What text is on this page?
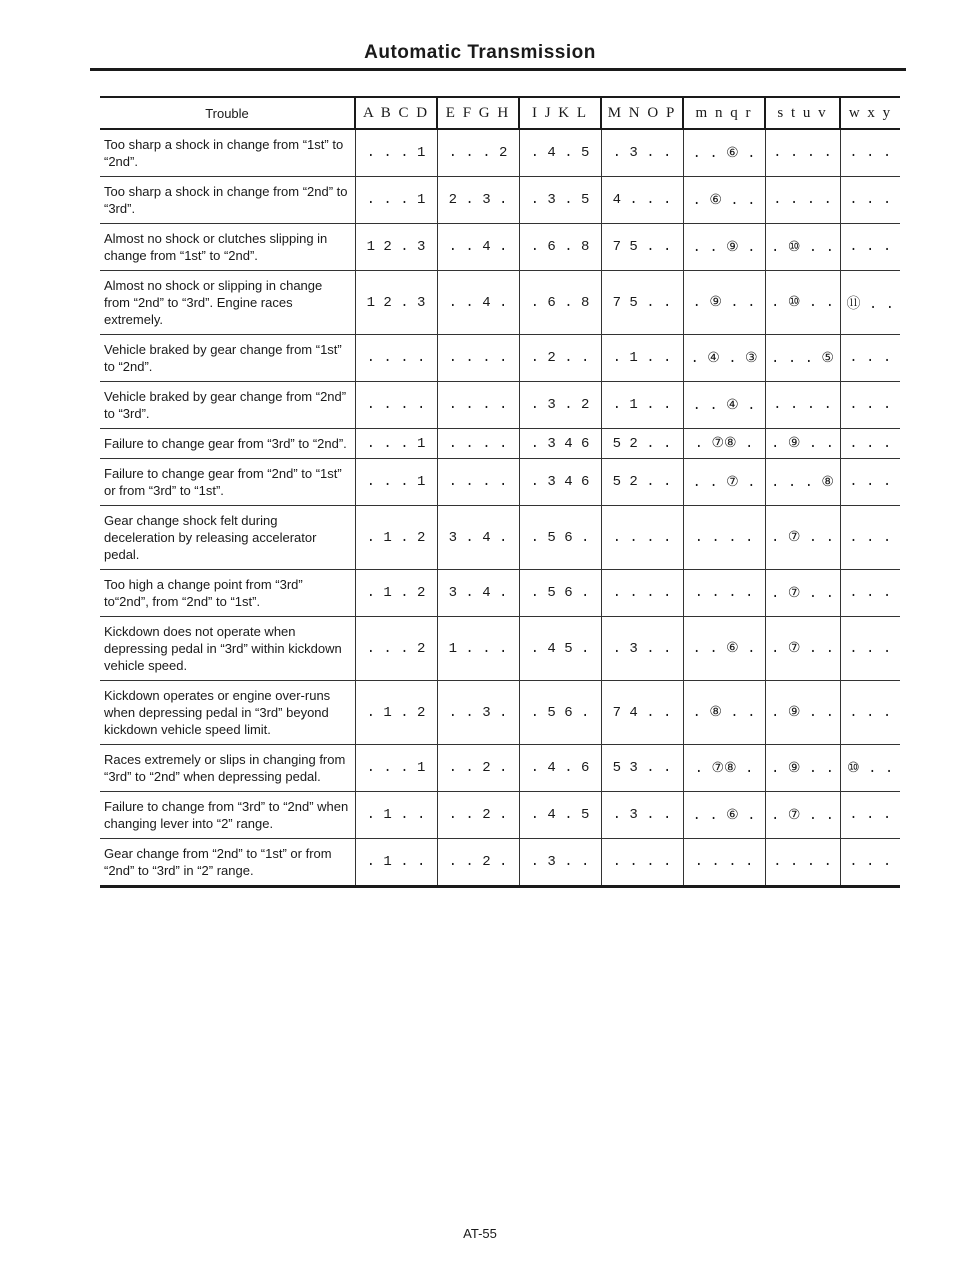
Automatic Transmission
Trouble	A B C D	E F G H	I J K L	M N O P	m n q r	s t u v	w x y
Too sharp a shock in change from “1st” to “2nd”.	. . . 1	. . . 2	. 4 . 5	. 3 . .	. . ⑥ .	. . . .	. . .
Too sharp a shock in change from “2nd” to “3rd”.	. . . 1	2 . 3 .	. 3 . 5	4 . . .	. ⑥ . .	. . . .	. . .
Almost no shock or clutches slipping in change from “1st” to “2nd”.	1 2 . 3	. . 4 .	. 6 . 8	7 5 . .	. . ⑨ .	. ⑩ . .	. . .
Almost no shock or slipping in change from “2nd” to “3rd”. Engine races extremely.	1 2 . 3	. . 4 .	. 6 . 8	7 5 . .	. ⑨ . .	. ⑩ . .	⑪ . .
Vehicle braked by gear change from “1st” to “2nd”.	. . . .	. . . .	. 2 . .	. 1 . .	. ④ . ③	. . . ⑤	. . .
Vehicle braked by gear change from “2nd” to “3rd”.	. . . .	. . . .	. 3 . 2	. 1 . .	. . ④ .	. . . .	. . .
Failure to change gear from “3rd” to “2nd”.	. . . 1	. . . .	. 3 4 6	5 2 . .	. ⑦⑧ .	. ⑨ . .	. . .
Failure to change gear from “2nd” to “1st” or from “3rd” to “1st”.	. . . 1	. . . .	. 3 4 6	5 2 . .	. . ⑦ .	. . . ⑧	. . .
Gear change shock felt during deceleration by releasing accelerator pedal.	. 1 . 2	3 . 4 .	. 5 6 .	. . . .	. . . .	. ⑦ . .	. . .
Too high a change point from “3rd” to“2nd”, from “2nd” to “1st”.	. 1 . 2	3 . 4 .	. 5 6 .	. . . .	. . . .	. ⑦ . .	. . .
Kickdown does not operate when depressing pedal in “3rd” within kickdown vehicle speed.	. . . 2	1 . . .	. 4 5 .	. 3 . .	. . ⑥ .	. ⑦ . .	. . .
Kickdown operates or engine over-runs when depressing pedal in “3rd” beyond kickdown vehicle speed limit.	. 1 . 2	. . 3 .	. 5 6 .	7 4 . .	. ⑧ . .	. ⑨ . .	. . .
Races extremely or slips in changing from “3rd” to “2nd” when depressing pedal.	. . . 1	. . 2 .	. 4 . 6	5 3 . .	. ⑦⑧ .	. ⑨ . .	⑩ . .
Failure to change from “3rd” to “2nd” when changing lever into “2” range.	. 1 . .	. . 2 .	. 4 . 5	. 3 . .	. . ⑥ .	. ⑦ . .	. . .
Gear change from “2nd” to “1st” or from “2nd” to “3rd” in “2” range.	. 1 . .	. . 2 .	. 3 . .	. . . .	. . . .	. . . .	. . .
AT-55
